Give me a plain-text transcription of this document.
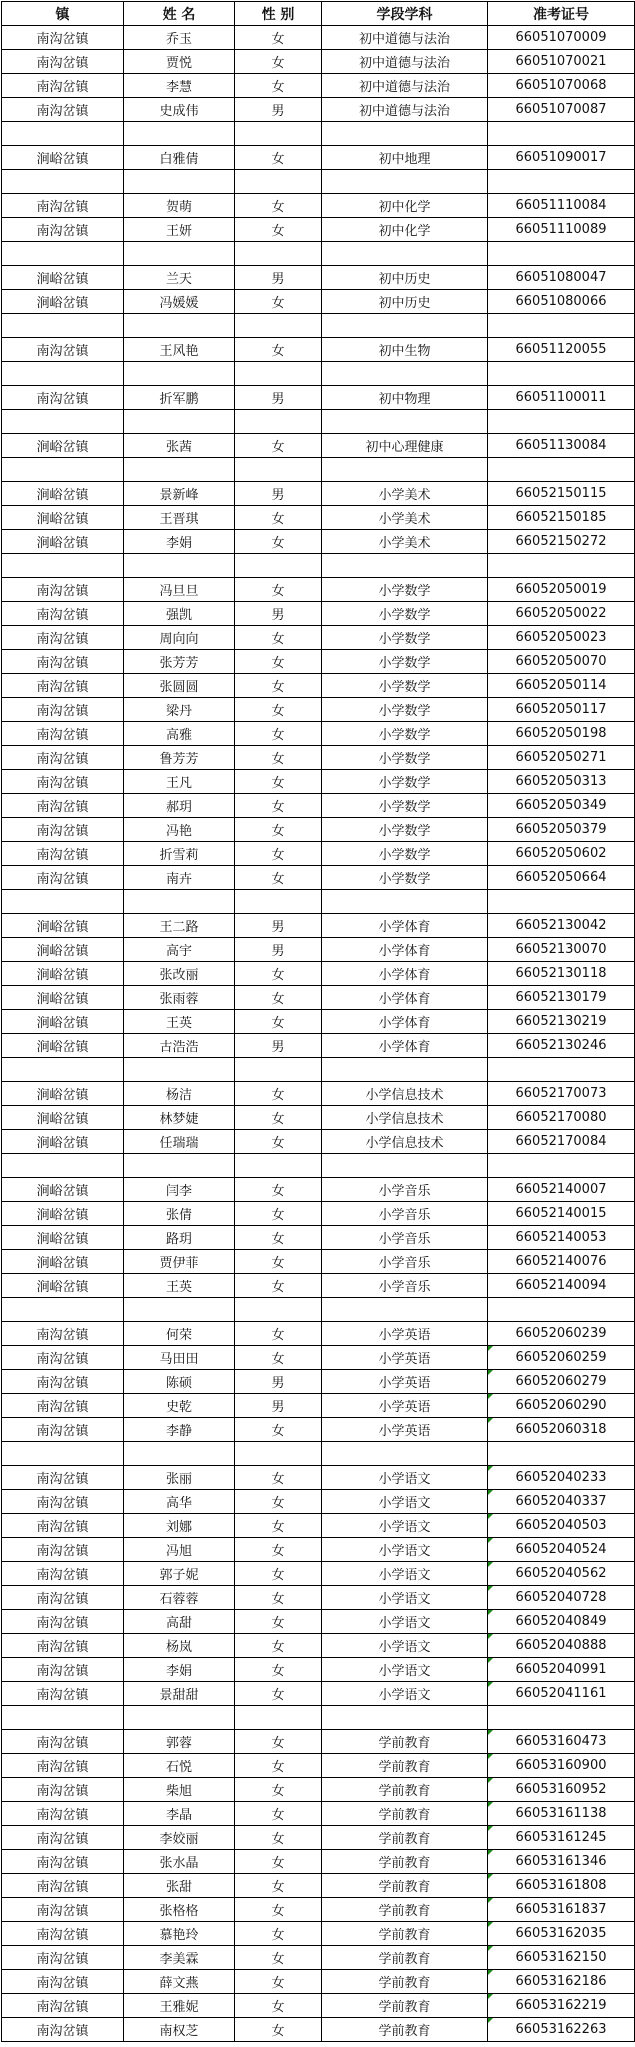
镇	姓 名	性 别	学段学科	准考证号
南沟岔镇	乔玉	女	初中道德与法治	66051070009
南沟岔镇	贾悦	女	初中道德与法治	66051070021
南沟岔镇	李慧	女	初中道德与法治	66051070068
南沟岔镇	史成伟	男	初中道德与法治	66051070087

涧峪岔镇	白雅倩	女	初中地理	66051090017

南沟岔镇	贺萌	女	初中化学	66051110084
南沟岔镇	王妍	女	初中化学	66051110089

涧峪岔镇	兰天	男	初中历史	66051080047
涧峪岔镇	冯媛媛	女	初中历史	66051080066

南沟岔镇	王风艳	女	初中生物	66051120055

南沟岔镇	折军鹏	男	初中物理	66051100011

涧峪岔镇	张茜	女	初中心理健康	66051130084

涧峪岔镇	景新峰	男	小学美术	66052150115
涧峪岔镇	王晋琪	女	小学美术	66052150185
涧峪岔镇	李娟	女	小学美术	66052150272

南沟岔镇	冯旦旦	女	小学数学	66052050019
南沟岔镇	强凯	男	小学数学	66052050022
南沟岔镇	周向向	女	小学数学	66052050023
南沟岔镇	张芳芳	女	小学数学	66052050070
南沟岔镇	张圆圆	女	小学数学	66052050114
南沟岔镇	梁丹	女	小学数学	66052050117
南沟岔镇	高雅	女	小学数学	66052050198
南沟岔镇	鲁芳芳	女	小学数学	66052050271
南沟岔镇	王凡	女	小学数学	66052050313
南沟岔镇	郝玥	女	小学数学	66052050349
南沟岔镇	冯艳	女	小学数学	66052050379
南沟岔镇	折雪莉	女	小学数学	66052050602
南沟岔镇	南卉	女	小学数学	66052050664

涧峪岔镇	王二路	男	小学体育	66052130042
涧峪岔镇	高宇	男	小学体育	66052130070
涧峪岔镇	张改丽	女	小学体育	66052130118
涧峪岔镇	张雨蓉	女	小学体育	66052130179
涧峪岔镇	王英	女	小学体育	66052130219
涧峪岔镇	古浩浩	男	小学体育	66052130246

涧峪岔镇	杨洁	女	小学信息技术	66052170073
涧峪岔镇	林梦婕	女	小学信息技术	66052170080
涧峪岔镇	任瑞瑞	女	小学信息技术	66052170084

涧峪岔镇	闫李	女	小学音乐	66052140007
涧峪岔镇	张倩	女	小学音乐	66052140015
涧峪岔镇	路玥	女	小学音乐	66052140053
涧峪岔镇	贾伊菲	女	小学音乐	66052140076
涧峪岔镇	王英	女	小学音乐	66052140094

南沟岔镇	何荣	女	小学英语	66052060239
南沟岔镇	马田田	女	小学英语	66052060259
南沟岔镇	陈硕	男	小学英语	66052060279
南沟岔镇	史乾	男	小学英语	66052060290
南沟岔镇	李静	女	小学英语	66052060318

南沟岔镇	张丽	女	小学语文	66052040233
南沟岔镇	高华	女	小学语文	66052040337
南沟岔镇	刘娜	女	小学语文	66052040503
南沟岔镇	冯旭	女	小学语文	66052040524
南沟岔镇	郭子妮	女	小学语文	66052040562
南沟岔镇	石蓉蓉	女	小学语文	66052040728
南沟岔镇	高甜	女	小学语文	66052040849
南沟岔镇	杨岚	女	小学语文	66052040888
南沟岔镇	李娟	女	小学语文	66052040991
南沟岔镇	景甜甜	女	小学语文	66052041161

南沟岔镇	郭蓉	女	学前教育	66053160473
南沟岔镇	石悦	女	学前教育	66053160900
南沟岔镇	柴旭	女	学前教育	66053160952
南沟岔镇	李晶	女	学前教育	66053161138
南沟岔镇	李姣丽	女	学前教育	66053161245
南沟岔镇	张水晶	女	学前教育	66053161346
南沟岔镇	张甜	女	学前教育	66053161808
南沟岔镇	张格格	女	学前教育	66053161837
南沟岔镇	慕艳玲	女	学前教育	66053162035
南沟岔镇	李美霖	女	学前教育	66053162150
南沟岔镇	薛文燕	女	学前教育	66053162186
南沟岔镇	王雅妮	女	学前教育	66053162219
南沟岔镇	南权芝	女	学前教育	66053162263
